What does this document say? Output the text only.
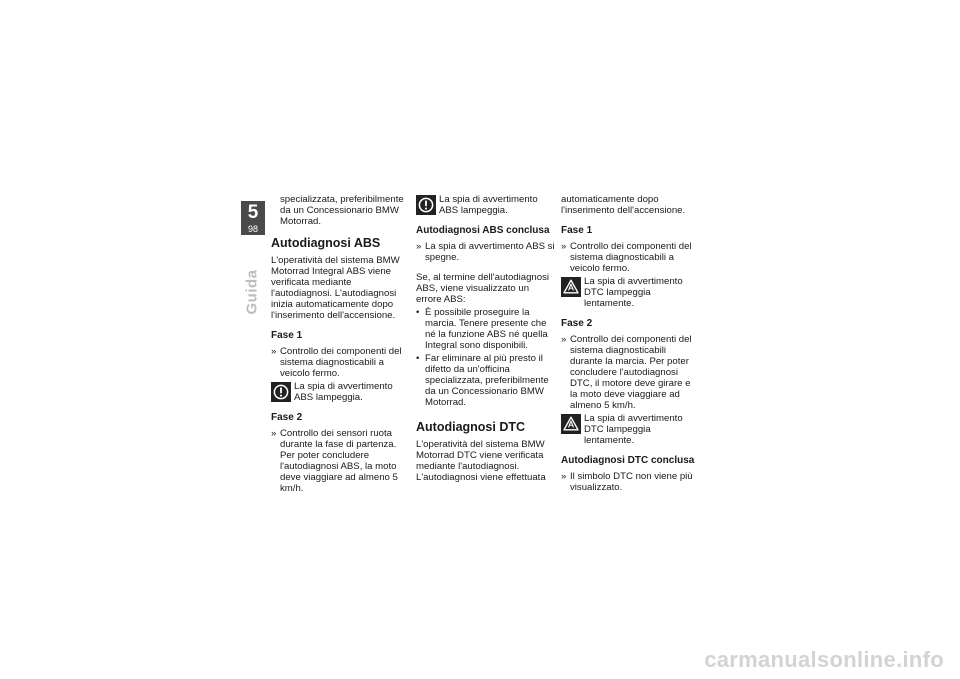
5
98
Guida

specializzata, preferibilmente da un Concessionario BMW Motorrad.

Autodiagnosi ABS

L'operatività del sistema BMW Motorrad Integral ABS viene verificata mediante l'autodiagnosi. L'autodiagnosi inizia automaticamente dopo l'inserimento dell'accensione.

Fase 1
» Controllo dei componenti del sistema diagnosticabili a veicolo fermo.
La spia di avvertimento ABS lampeggia.
Fase 2
» Controllo dei sensori ruota durante la fase di partenza. Per poter concludere l'autodiagnosi ABS, la moto deve viaggiare ad almeno 5 km/h.
La spia di avvertimento ABS lampeggia.
Autodiagnosi ABS conclusa
» La spia di avvertimento ABS si spegne.

Se, al termine dell'autodiagnosi ABS, viene visualizzato un errore ABS:

• È possibile proseguire la marcia. Tenere presente che né la funzione ABS né quella Integral sono disponibili.
• Far eliminare al più presto il difetto da un'officina specializzata, preferibilmente da un Concessionario BMW Motorrad.
Autodiagnosi DTC

L'operatività del sistema BMW Motorrad DTC viene verificata mediante l'autodiagnosi. L'autodiagnosi viene effettuata

automaticamente dopo l'inserimento dell'accensione.

Fase 1
» Controllo dei componenti del sistema diagnosticabili a veicolo fermo.
La spia di avvertimento DTC lampeggia lentamente.
Fase 2
» Controllo dei componenti del sistema diagnosticabili durante la marcia. Per poter concludere l'autodiagnosi DTC, il motore deve girare e la moto deve viaggiare ad almeno 5 km/h.
La spia di avvertimento DTC lampeggia lentamente.
Autodiagnosi DTC conclusa
» Il simbolo DTC non viene più visualizzato.
carmanualsonline.info
